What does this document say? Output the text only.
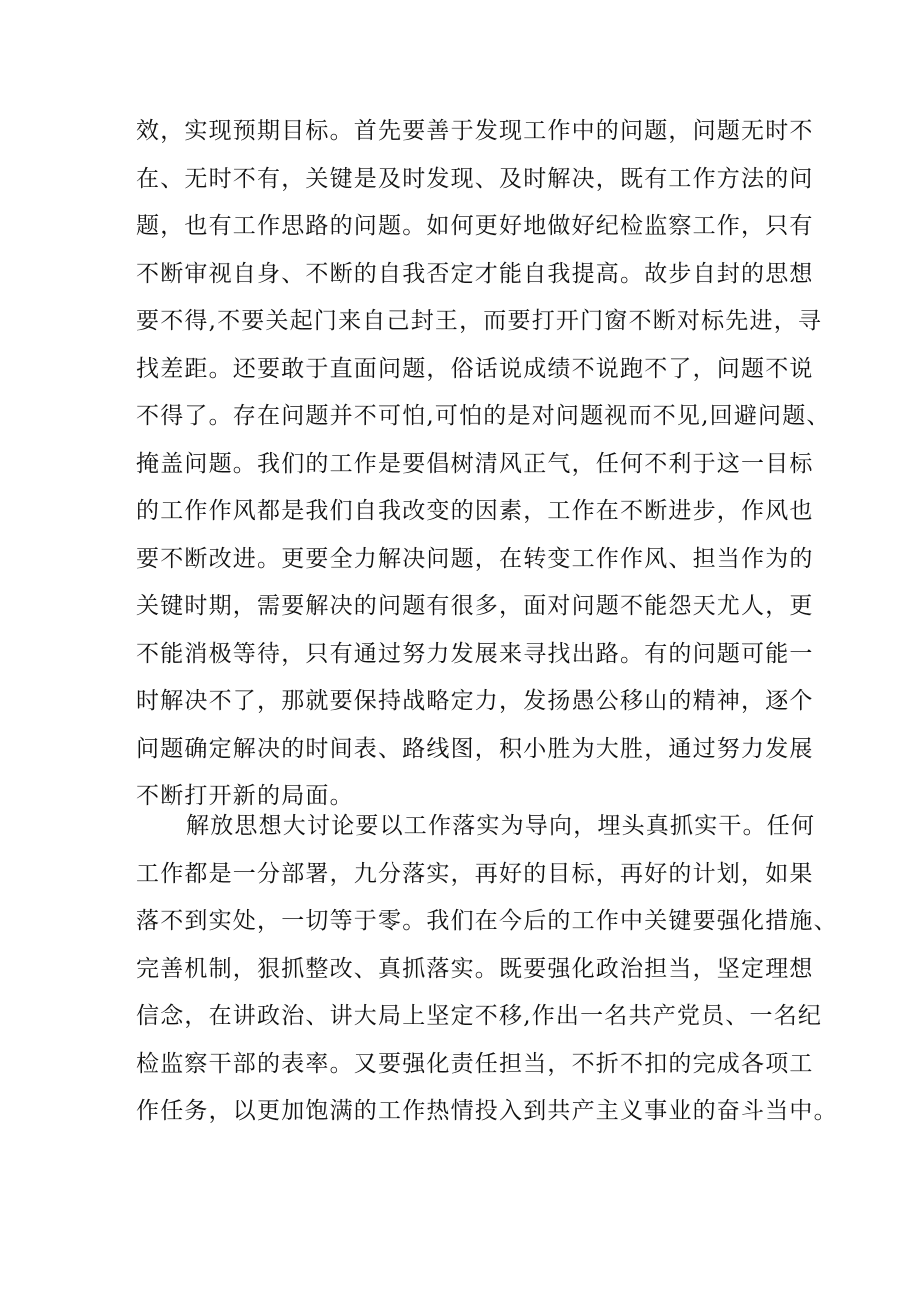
效，实现预期目标。首先要善于发现工作中的问题，问题无时不
在、无时不有，关键是及时发现、及时解决，既有工作方法的问
题，也有工作思路的问题。如何更好地做好纪检监察工作，只有
不断审视自身、不断的自我否定才能自我提高。故步自封的思想
要不得,不要关起门来自己封王，而要打开门窗不断对标先进，寻
找差距。还要敢于直面问题，俗话说成绩不说跑不了，问题不说
不得了。存在问题并不可怕,可怕的是对问题视而不见,回避问题、
掩盖问题。我们的工作是要倡树清风正气，任何不利于这一目标
的工作作风都是我们自我改变的因素，工作在不断进步，作风也
要不断改进。更要全力解决问题，在转变工作作风、担当作为的
关键时期，需要解决的问题有很多，面对问题不能怨天尤人，更
不能消极等待，只有通过努力发展来寻找出路。有的问题可能一
时解决不了，那就要保持战略定力，发扬愚公移山的精神，逐个
问题确定解决的时间表、路线图，积小胜为大胜，通过努力发展
不断打开新的局面。
解放思想大讨论要以工作落实为导向，埋头真抓实干。任何
工作都是一分部署，九分落实，再好的目标，再好的计划，如果
落不到实处，一切等于零。我们在今后的工作中关键要强化措施、
完善机制，狠抓整改、真抓落实。既要强化政治担当，坚定理想
信念，在讲政治、讲大局上坚定不移,作出一名共产党员、一名纪
检监察干部的表率。又要强化责任担当，不折不扣的完成各项工
作任务，以更加饱满的工作热情投入到共产主义事业的奋斗当中。
